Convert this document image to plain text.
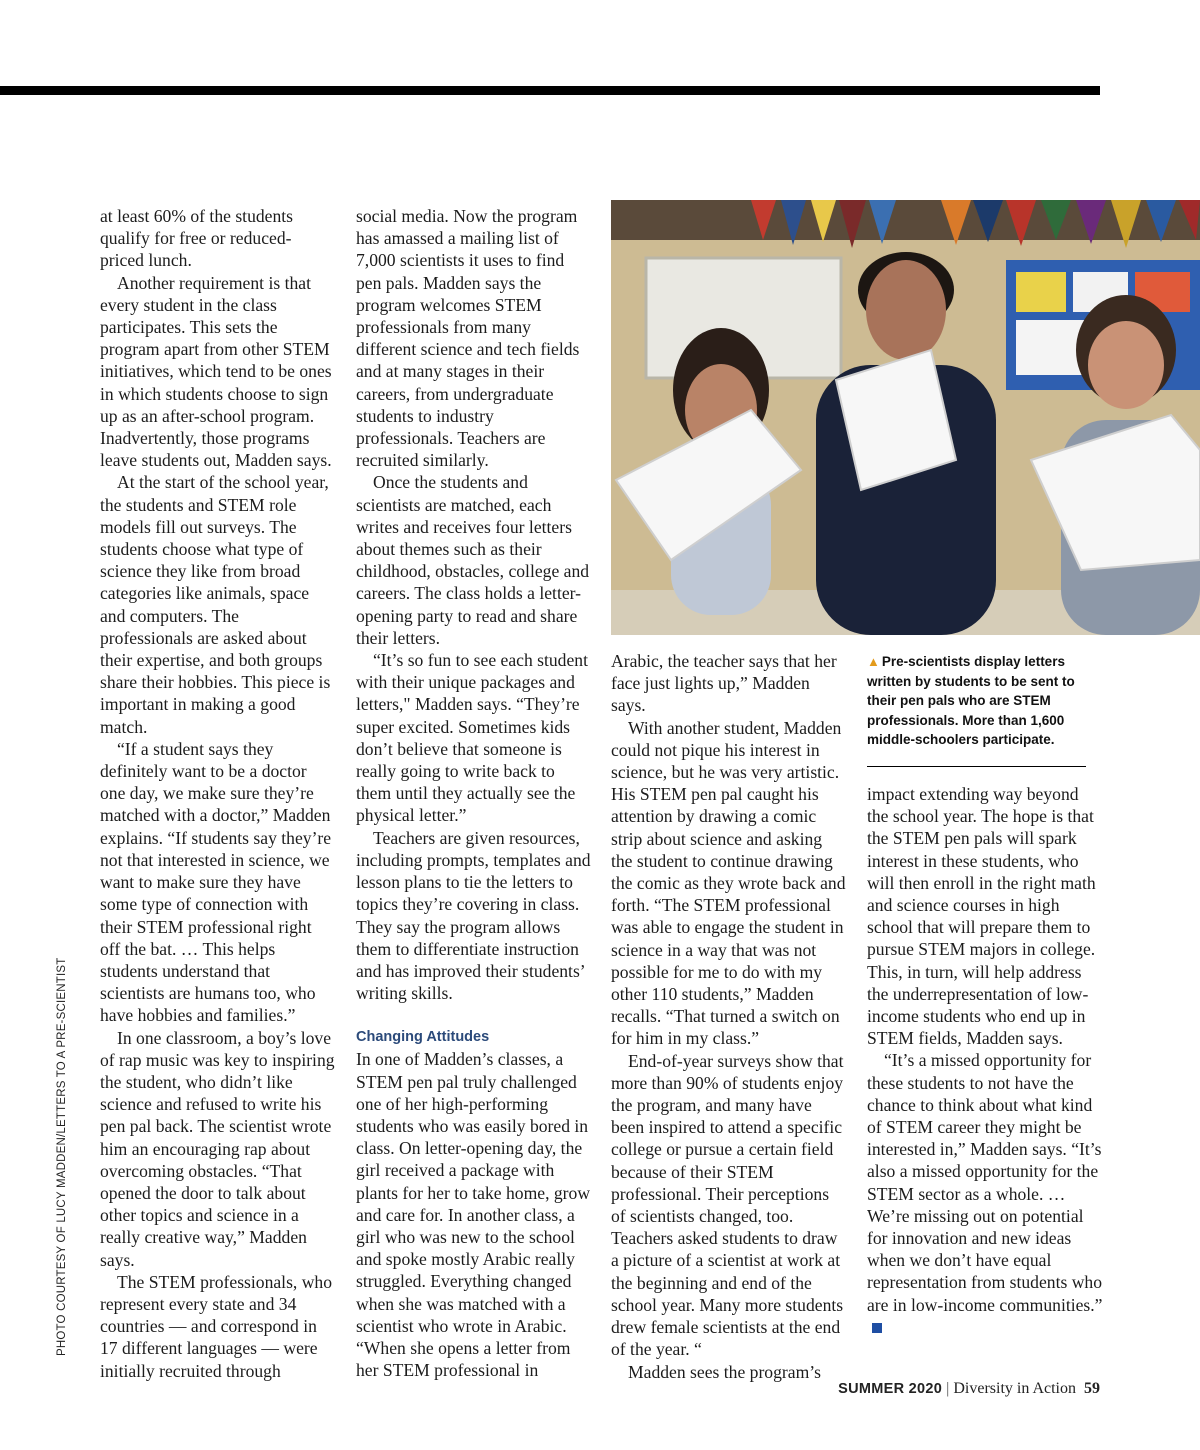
PHOTO COURTESY OF LUCY MADDEN/LETTERS TO A PRE-SCIENTIST

at least 60% of the students qualify for free or reduced-priced lunch.

Another requirement is that every student in the class participates. This sets the program apart from other STEM initiatives, which tend to be ones in which students choose to sign up as an after-school program. Inadvertently, those programs leave students out, Madden says.

At the start of the school year, the students and STEM role models fill out surveys. The students choose what type of science they like from broad categories like animals, space and computers. The professionals are asked about their expertise, and both groups share their hobbies. This piece is important in making a good match.

“If a student says they definitely want to be a doctor one day, we make sure they’re matched with a doctor,” Madden explains. “If students say they’re not that interested in science, we want to make sure they have some type of connection with their STEM professional right off the bat. … This helps students understand that scientists are humans too, who have hobbies and families.”

In one classroom, a boy’s love of rap music was key to inspiring the student, who didn’t like science and refused to write his pen pal back. The scientist wrote him an encouraging rap about overcoming obstacles. “That opened the door to talk about other topics and science in a really creative way,” Madden says.

The STEM professionals, who represent every state and 34 countries — and correspond in 17 different languages — were initially recruited through

social media. Now the program has amassed a mailing list of 7,000 scientists it uses to find pen pals. Madden says the program welcomes STEM professionals from many different science and tech fields and at many stages in their careers, from undergraduate students to industry professionals. Teachers are recruited similarly.

Once the students and scientists are matched, each writes and receives four letters about themes such as their childhood, obstacles, college and careers. The class holds a letter-opening party to read and share their letters.

“It’s so fun to see each student with their unique packages and letters," Madden says. “They’re super excited. Sometimes kids don’t believe that someone is really going to write back to them until they actually see the physical letter.”

Teachers are given resources, including prompts, templates and lesson plans to tie the letters to topics they’re covering in class. They say the program allows them to differentiate instruction and has improved their students’ writing skills.

Changing Attitudes

In one of Madden’s classes, a STEM pen pal truly challenged one of her high-performing students who was easily bored in class. On letter-opening day, the girl received a package with plants for her to take home, grow and care for. In another class, a girl who was new to the school and spoke mostly Arabic really struggled. Everything changed when she was matched with a scientist who wrote in Arabic. “When she opens a letter from her STEM professional in

▲ Pre-scientists display letters written by students to be sent to their pen pals who are STEM professionals. More than 1,600 middle-schoolers participate.

Arabic, the teacher says that her face just lights up,” Madden says.

With another student, Madden could not pique his interest in science, but he was very artistic. His STEM pen pal caught his attention by drawing a comic strip about science and asking the student to continue drawing the comic as they wrote back and forth. “The STEM professional was able to engage the student in science in a way that was not possible for me to do with my other 110 students,” Madden recalls. “That turned a switch on for him in my class.”

End-of-year surveys show that more than 90% of students enjoy the program, and many have been inspired to attend a specific college or pursue a certain field because of their STEM professional. Their perceptions of scientists changed, too. Teachers asked students to draw a picture of a scientist at work at the beginning and end of the school year. Many more students drew female scientists at the end of the year. “

Madden sees the program’s

impact extending way beyond the school year. The hope is that the STEM pen pals will spark interest in these students, who will then enroll in the right math and science courses in high school that will prepare them to pursue STEM majors in college. This, in turn, will help address the underrepresentation of low-income students who end up in STEM fields, Madden says.

“It’s a missed opportunity for these students to not have the chance to think about what kind of STEM career they might be interested in,” Madden says. “It’s also a missed opportunity for the STEM sector as a whole. … We’re missing out on potential for innovation and new ideas when we don’t have equal representation from students who are in low-income communities.”

SUMMER 2020 | Diversity in Action 59
